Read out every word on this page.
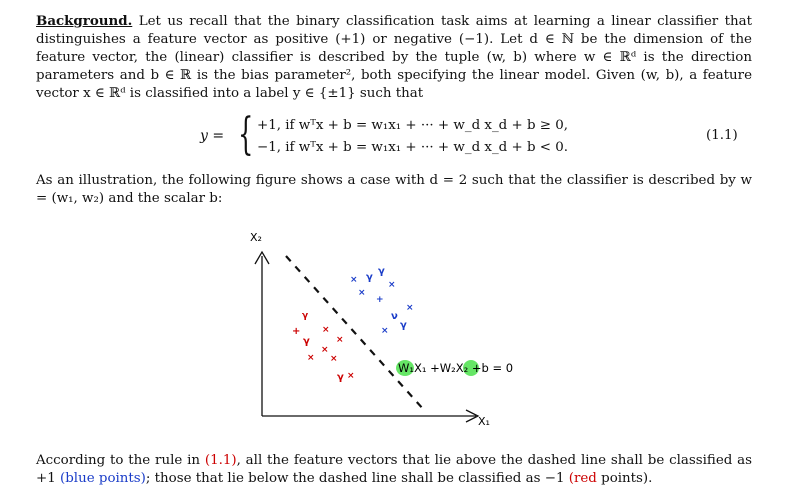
Background. Let us recall that the binary classification task aims at learning a linear classifier that distinguishes a feature vector as positive (+1) or negative (−1). Let d ∈ ℕ be the dimension of the feature vector, the (linear) classifier is described by the tuple (w, b) where w ∈ ℝᵈ is the direction parameters and b ∈ ℝ is the bias parameter², both specifying the linear model. Given (w, b), a feature vector x ∈ ℝᵈ is classified into a label y ∈ {±1} such that

y = { +1, if wᵀx + b = w₁x₁ + ··· + w_d x_d + b ≥ 0,
−1, if wᵀx + b = w₁x₁ + ··· + w_d x_d + b < 0.
(1.1)

As an illustration, the following figure shows a case with d = 2 such that the classifier is described by w = (w₁, w₂) and the scalar b:

X₂
X₁
W₁X₁ +W₂X₂ +b = 0
× γ
γ
×
×
+
×
ν
γ
×
γ
+ ×
γ	×
×
× ×
γ ×

According to the rule in (1.1), all the feature vectors that lie above the dashed line shall be classified as +1 (blue points); those that lie below the dashed line shall be classified as −1 (red points).
